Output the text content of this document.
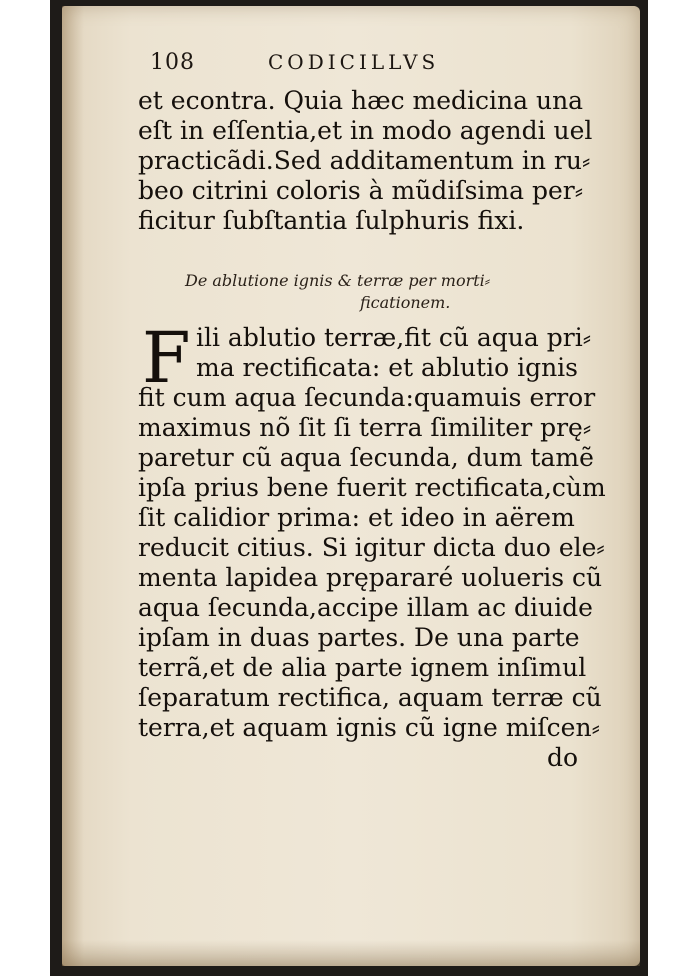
108	CODICILLVS
et econtra. Quia hæc medicina una
eſt in eſſentia,et in modo agendi uel
practicãdi.Sed additamentum in ru⸗
beo citrini coloris à mũdiſsima per⸗
ficitur ſubſtantia ſulphuris fixi.
De ablutione ignis & terræ per morti⸗
ficationem.
F ili ablutio terræ,fit cũ aqua pri⸗
ma rectificata: et ablutio ignis
fit cum aqua ſecunda:quamuis error
maximus nõ ſit ſi terra ſimiliter prę⸗
paretur cũ aqua ſecunda, dum tamẽ
ipſa prius bene fuerit rectificata,cùm
ſit calidior prima: et ideo in aërem
reducit citius. Si igitur dicta duo ele⸗
menta lapidea prępararé uolueris cũ
aqua ſecunda,accipe illam ac diuide
ipſam in duas partes. De una parte
terrã,et de alia parte ignem inſimul
ſeparatum rectifica, aquam terræ cũ
terra,et aquam ignis cũ igne miſcen⸗
do
